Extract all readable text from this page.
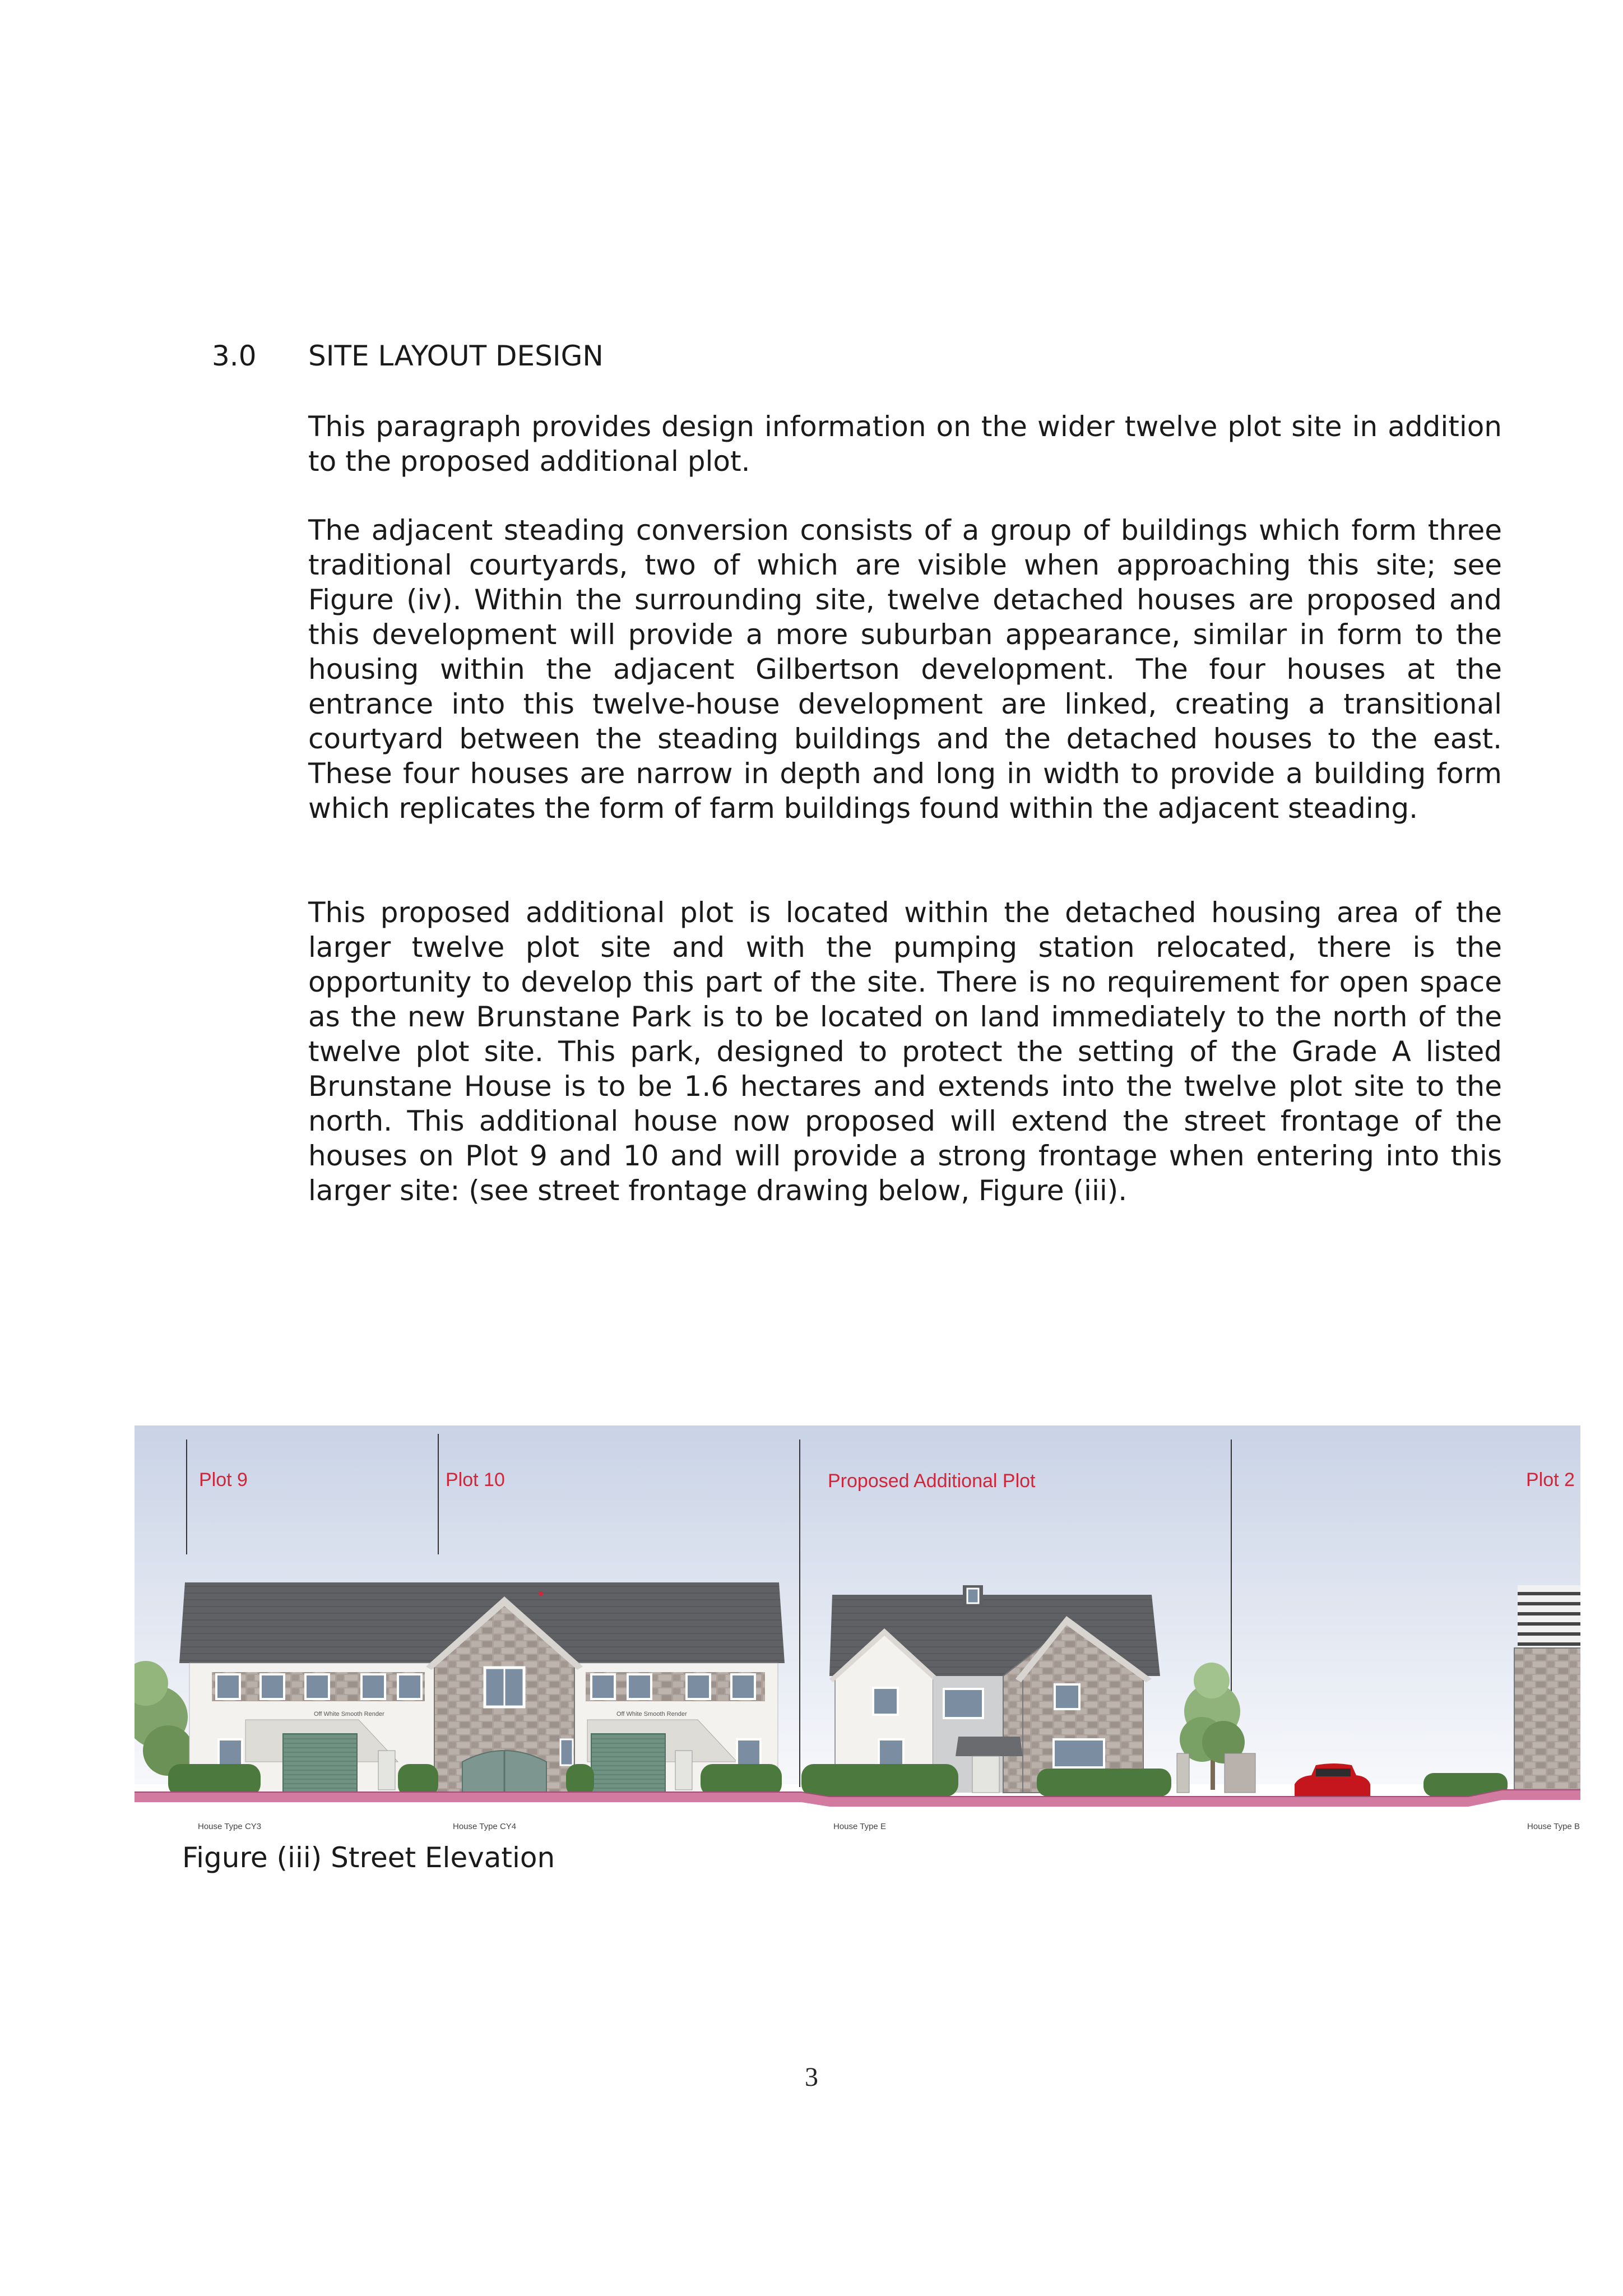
3.0 SITE LAYOUT DESIGN

This paragraph provides design information on the wider twelve plot site in addition to the proposed additional plot.

The adjacent steading conversion consists of a group of buildings which form three traditional courtyards, two of which are visible when approaching this site; see Figure (iv). Within the surrounding site, twelve detached houses are proposed and this development will provide a more suburban appearance, similar in form to the housing within the adjacent Gilbertson development. The four houses at the entrance into this twelve-house development are linked, creating a transitional courtyard between the steading buildings and the detached houses to the east. These four houses are narrow in depth and long in width to provide a building form which replicates the form of farm buildings found within the adjacent steading.

This proposed additional plot is located within the detached housing area of the larger twelve plot site and with the pumping station relocated, there is the opportunity to develop this part of the site. There is no requirement for open space as the new Brunstane Park is to be located on land immediately to the north of the twelve plot site. This park, designed to protect the setting of the Grade A listed Brunstane House is to be 1.6 hectares and extends into the twelve plot site to the north. This additional house now proposed will extend the street frontage of the houses on Plot 9 and 10 and will provide a strong frontage when entering into this larger site: (see street frontage drawing below, Figure (iii).

Plot 9	Plot 10	Proposed Additional Plot	Plot 2
Off White Smooth Render	Off White Smooth Render
House Type CY3	House Type CY4	House Type E	House Type B
Figure (iii) Street Elevation
3
